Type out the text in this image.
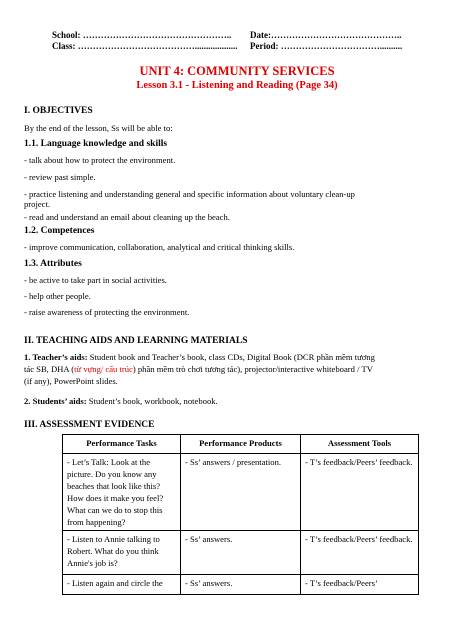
School: ………………………………………….. Date:……………………………………..
Class: …………………………………................... Period: ……………………………..........
UNIT 4: COMMUNITY SERVICES
Lesson 3.1 - Listening and Reading (Page 34)
I. OBJECTIVES
By the end of the lesson, Ss will be able to:
1.1. Language knowledge and skills
- talk about how to protect the environment.
- review past simple.
- practice listening and understanding general and specific information about voluntary clean-up
project.
- read and understand an email about cleaning up the beach.
1.2. Competences
- improve communication, collaboration, analytical and critical thinking skills.
1.3. Attributes
- be active to take part in social activities.
- help other people.
- raise awareness of protecting the environment.
II. TEACHING AIDS AND LEARNING MATERIALS
1. Teacher’s aids: Student book and Teacher’s book, class CDs, Digital Book (DCR phần mềm tương
tác SB, DHA (từ vựng/ cấu trúc) phần mềm trò chơi tương tác), projector/interactive whiteboard / TV
(if any), PowerPoint slides.
2. Students’ aids: Student’s book, workbook, notebook.
III. ASSESSMENT EVIDENCE
Performance Tasks	Performance Products	Assessment Tools
- Let’s Talk: Look at the picture. Do you know any beaches that look like this? How does it make you feel? What can we do to stop this from happening?	- Ss’ answers / presentation.	- T’s feedback/Peers’ feedback.
- Listen to Annie talking to Robert. What do you think Annie's job is?	- Ss’ answers.	- T’s feedback/Peers’ feedback.
- Listen again and circle the	- Ss’ answers.	- T’s feedback/Peers’
